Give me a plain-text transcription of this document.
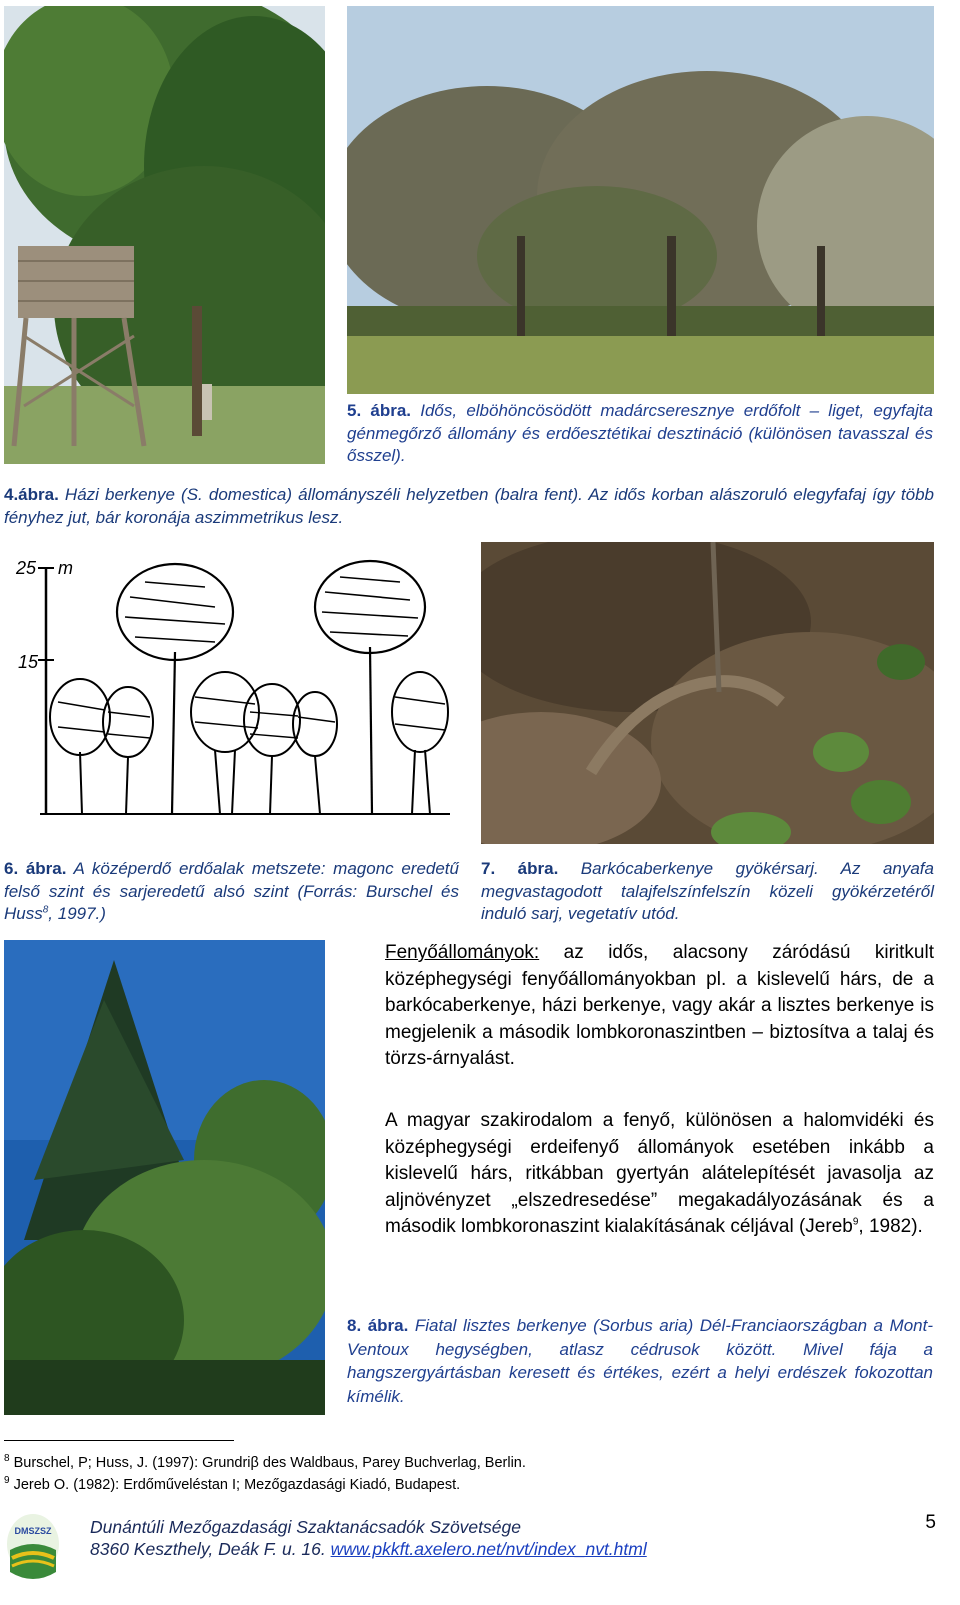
5. ábra. Idős, elböhöncösödött madárcseresznye erdőfolt – liget, egyfajta génmegőrző állomány és erdőesztétikai desztináció (különösen tavasszal és ősszel).
4.ábra. Házi berkenye (S. domestica) állományszéli helyzetben (balra fent). Az idős korban alászoruló elegyfafaj így több fényhez jut, bár koronája aszimmetrikus lesz.
25 m
15
6. ábra. A középerdő erdőalak metszete: magonc eredetű felső szint és sarjeredetű alsó szint (Forrás: Burschel és Huss$^8$, 1997.)
7. ábra. Barkócaberkenye gyökérsarj. Az anyafa megvastagodott talajfelszínfelszín közeli gyökérzetéről induló sarj, vegetatív utód.
Fenyőállományok: az idős, alacsony záródású kiritkult középhegységi fenyőállományokban pl. a kislevelű hárs, de a barkócaberkenye, házi berkenye, vagy akár a lisztes berkenye is megjelenik a második lombkoronaszintben – biztosítva a talaj és törzs-árnyalást.
A magyar szakirodalom a fenyő, különösen a halomvidéki és középhegységi erdeifenyő állományok esetében inkább a kislevelű hárs, ritkábban gyertyán alátelepítését javasolja az aljnövényzet „elszedresedése” megakadályozásának és a második lombkoronaszint kialakításának céljával (Jereb$^9$, 1982).
8. ábra. Fiatal lisztes berkenye (Sorbus aria) Dél-Franciaországban a Mont-Ventoux hegységben, atlasz cédrusok között. Mivel fája a hangszergyártásban keresett és értékes, ezért a helyi erdészek fokozottan kímélik.
$^8$ Burschel, P; Huss, J. (1997): Grundriβ des Waldbaus, Parey Buchverlag, Berlin.
$^9$ Jereb O. (1982): Erdőműveléstan I; Mezőgazdasági Kiadó, Budapest.
DMSZSZ Dunántúli Mezőgazdasági Szaktanácsadók Szövetsége
8360 Keszthely, Deák F. u. 16. www.pkkft.axelero.net/nvt/index_nvt.html
5
